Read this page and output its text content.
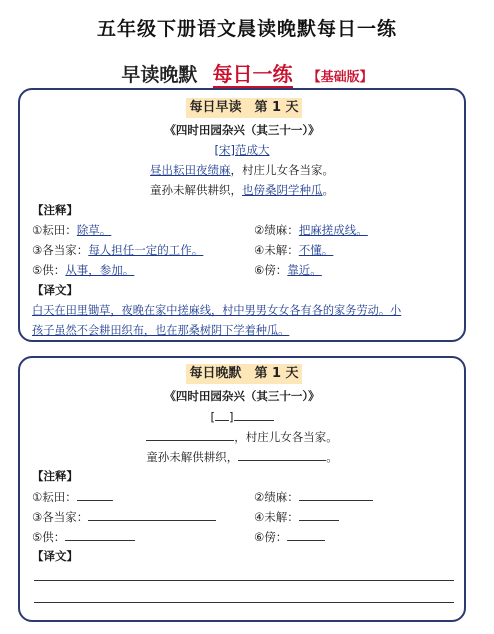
五年级下册语文晨读晚默每日一练
早读晚默 每日一练 【基础版】
每日早读　第 1 天
《四时田园杂兴（其三十一）》
[宋]范成大
昼出耘田夜绩麻，村庄儿女各当家。
童孙未解供耕织，也傍桑阴学种瓜。
【注释】
①耘田：除草。	②绩麻：把麻搓成线。
③各当家：每人担任一定的工作。	④未解：不懂。
⑤供：从事，参加。	⑥傍：靠近。
【译文】
白天在田里锄草，夜晚在家中搓麻线，村中男男女女各有各的家务劳动。小
孩子虽然不会耕田织布，也在那桑树阴下学着种瓜。
每日晚默　第 1 天
《四时田园杂兴（其三十一）》
[ ]
，村庄儿女各当家。
童孙未解供耕织，	。
【注释】
①耘田：	②绩麻：
③各当家：	④未解：
⑤供：	⑥傍：
【译文】
